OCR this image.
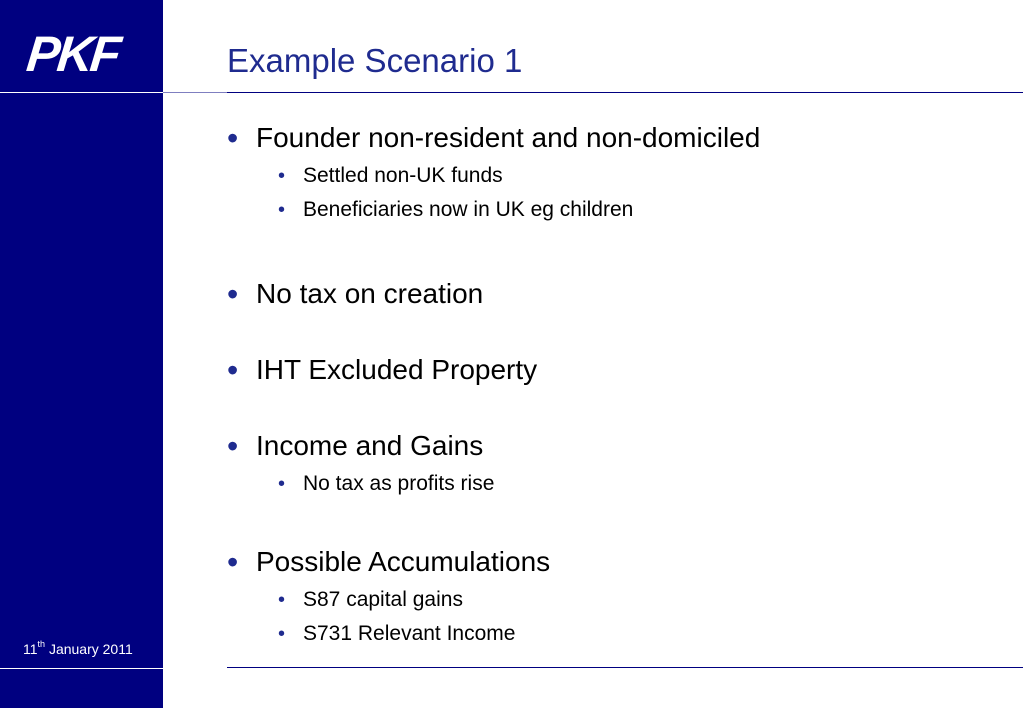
PKF
11th January 2011
Example Scenario 1
• Founder non-resident and non-domiciled
• Settled non-UK funds
• Beneficiaries now in UK eg children
• No tax on creation
• IHT Excluded Property
• Income and Gains
• No tax as profits rise
• Possible Accumulations
• S87 capital gains
• S731 Relevant Income
